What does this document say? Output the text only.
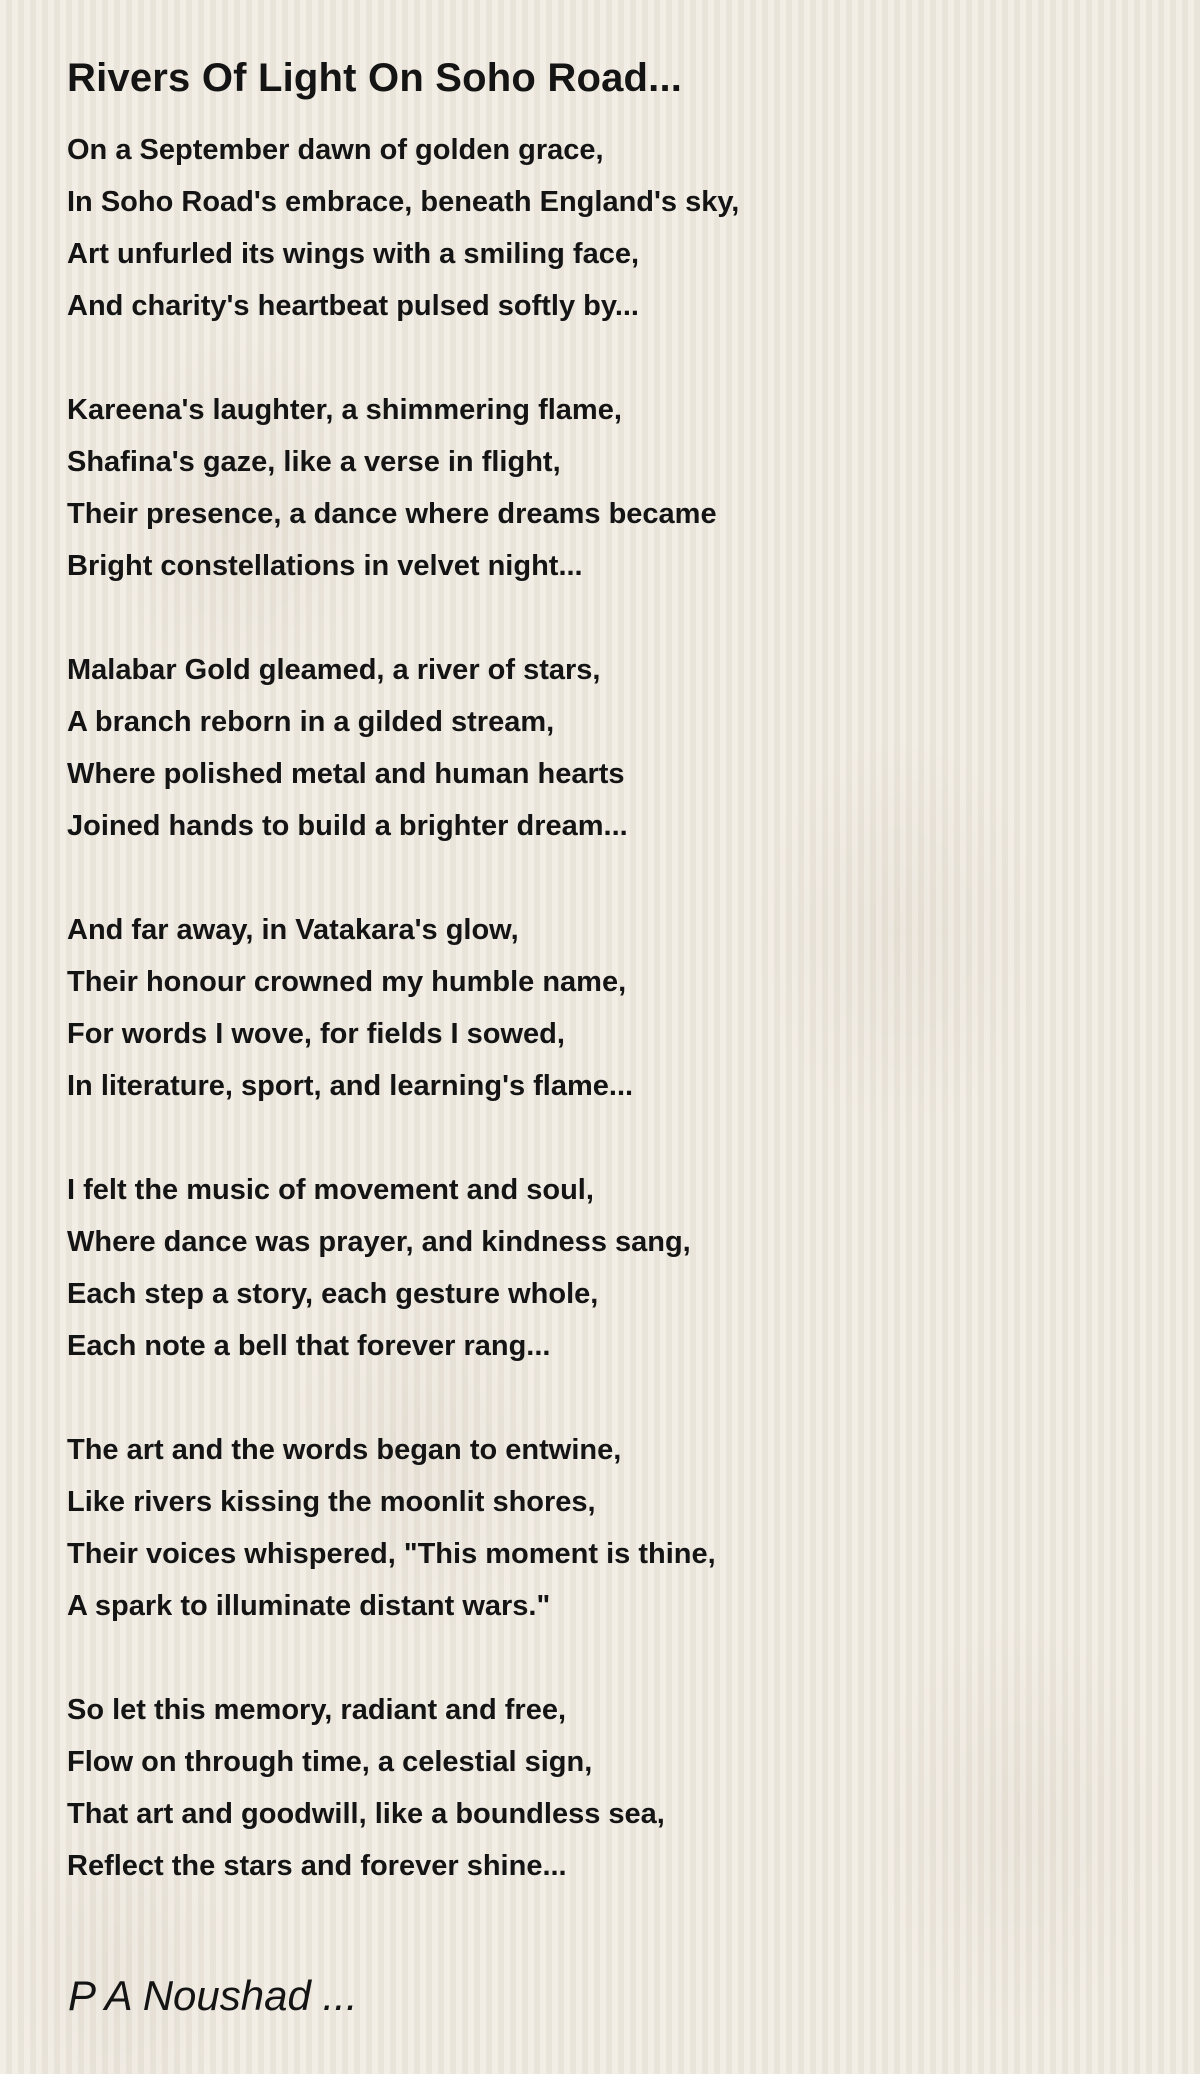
Rivers Of Light On Soho Road...
On a September dawn of golden grace,
In Soho Road's embrace, beneath England's sky,
Art unfurled its wings with a smiling face,
And charity's heartbeat pulsed softly by...
Kareena's laughter, a shimmering flame,
Shafina's gaze, like a verse in flight,
Their presence, a dance where dreams became
Bright constellations in velvet night...
Malabar Gold gleamed, a river of stars,
A branch reborn in a gilded stream,
Where polished metal and human hearts
Joined hands to build a brighter dream...
And far away, in Vatakara's glow,
Their honour crowned my humble name,
For words I wove, for fields I sowed,
In literature, sport, and learning's flame...
I felt the music of movement and soul,
Where dance was prayer, and kindness sang,
Each step a story, each gesture whole,
Each note a bell that forever rang...
The art and the words began to entwine,
Like rivers kissing the moonlit shores,
Their voices whispered, "This moment is thine,
A spark to illuminate distant wars."
So let this memory, radiant and free,
Flow on through time, a celestial sign,
That art and goodwill, like a boundless sea,
Reflect the stars and forever shine...
P A Noushad ...
